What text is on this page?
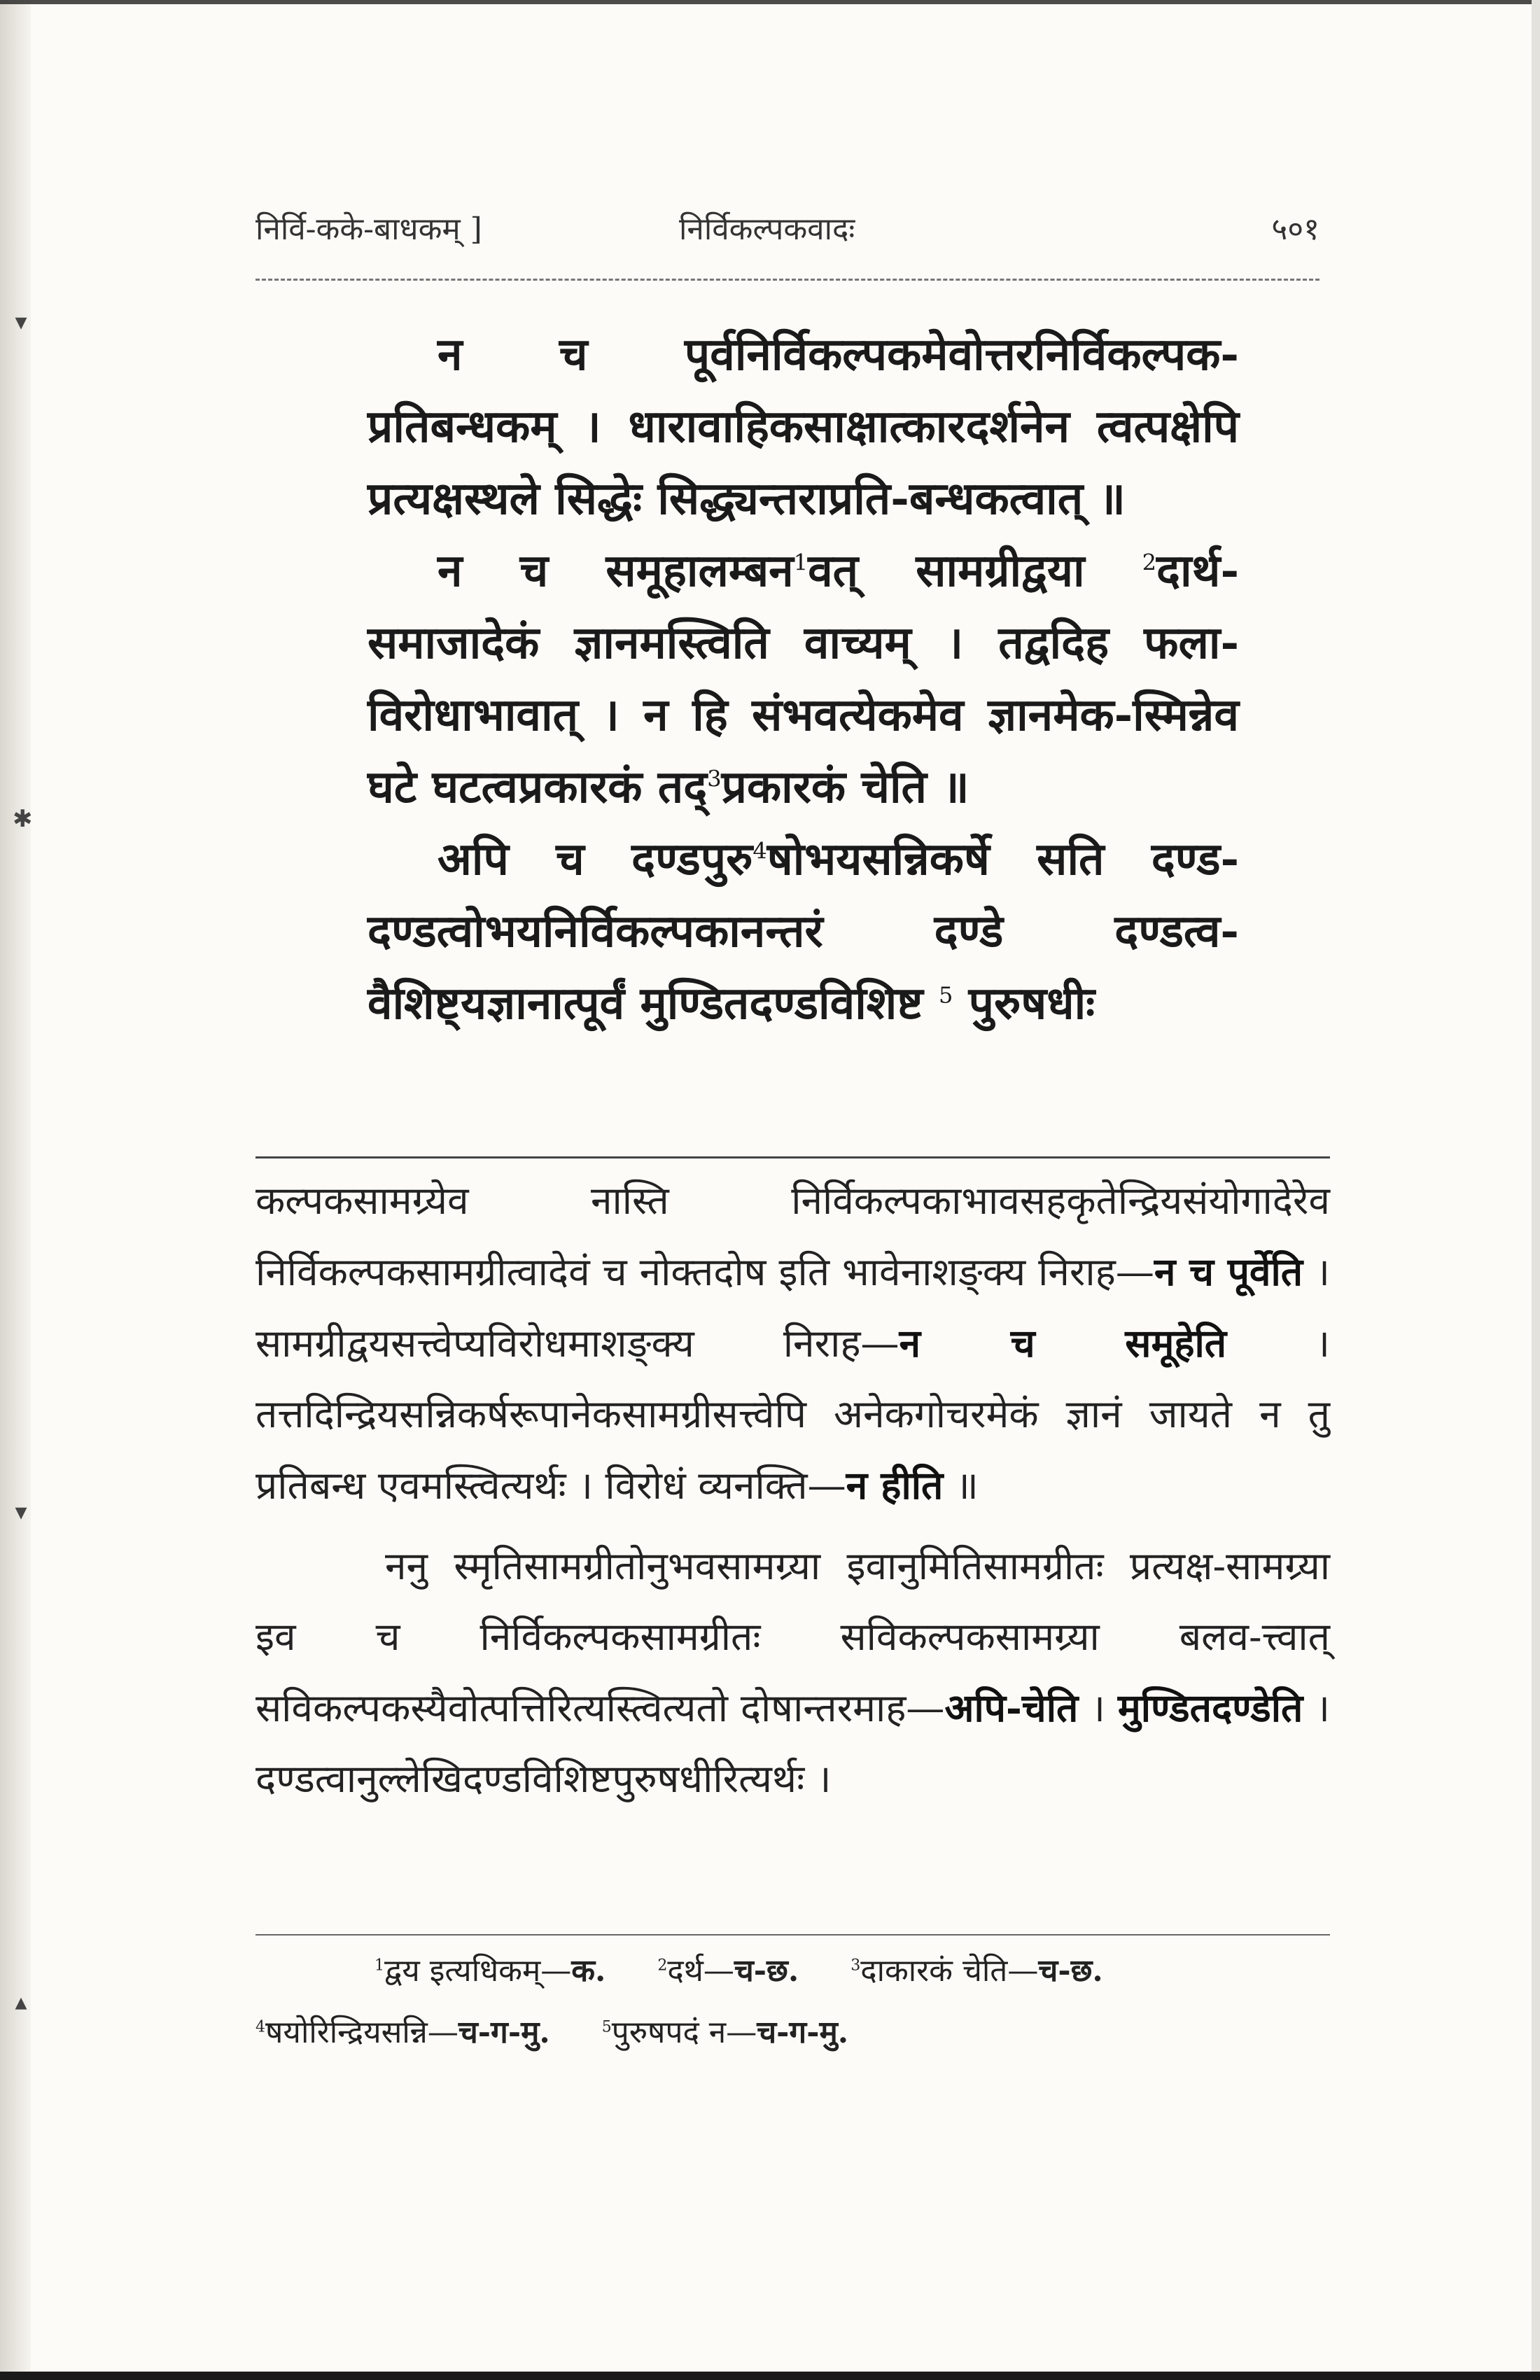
▾
✱
▾
▴
निर्वि-कके-बाधकम् ]	निर्विकल्पकवादः	५०१

न च पूर्वनिर्विकल्पकमेवोत्तरनिर्विकल्पक-प्रतिबन्धकम् । धारावाहिकसाक्षात्कारदर्शनेन त्वत्पक्षेपि प्रत्यक्षस्थले सिद्धेः सिद्ध्यन्तराप्रति-बन्धकत्वात् ॥

न च समूहालम्बन$^1$वत् सामग्रीद्वया	$^2$दार्थ-समाजादेकं ज्ञानमस्त्विति वाच्यम् । तद्वदिह फला-विरोधाभावात् । न हि संभवत्येकमेव ज्ञानमेक-स्मिन्नेव घटे घटत्वप्रकारकं तद्$^3$प्रकारकं चेति ॥

अपि च दण्डपुरु$^4$षोभयसन्निकर्षे सति दण्ड-दण्डत्वोभयनिर्विकल्पकानन्तरं दण्डे दण्डत्व-वैशिष्ट्यज्ञानात्पूर्वं मुण्डितदण्डविशिष्ट $^5$ पुरुषधीः

कल्पकसामग्र्येव नास्ति निर्विकल्पकाभावसहकृतेन्द्रियसंयोगादेरेव निर्विकल्पकसामग्रीत्वादेवं च नोक्तदोष इति भावेनाशङ्क्य निराह—न च पूर्वेति । सामग्रीद्वयसत्त्वेप्यविरोधमाशङ्क्य निराह—न च समूहेति । तत्तदिन्द्रियसन्निकर्षरूपानेकसामग्रीसत्त्वेपि अनेकगोचरमेकं ज्ञानं जायते न तु प्रतिबन्ध एवमस्त्वित्यर्थः । विरोधं व्यनक्ति—न हीति ॥

ननु स्मृतिसामग्रीतोनुभवसामग्र्या इवानुमितिसामग्रीतः प्रत्यक्ष-सामग्र्या इव च निर्विकल्पकसामग्रीतः सविकल्पकसामग्र्या बलव-त्त्वात् सविकल्पकस्यैवोत्पत्तिरित्यस्त्वित्यतो दोषान्तरमाह—अपि-चेति । मुण्डितदण्डेति । दण्डत्वानुल्लेखिदण्डविशिष्टपुरुषधीरित्यर्थः ।

$^1$द्वय इत्यधिकम्—क.	$^2$दर्थ—च-छ.	$^3$दाकारकं चेति—च-छ.
$^4$षयोरिन्द्रियसन्नि—च-ग-मु.	$^5$पुरुषपदं न—च-ग-मु.
